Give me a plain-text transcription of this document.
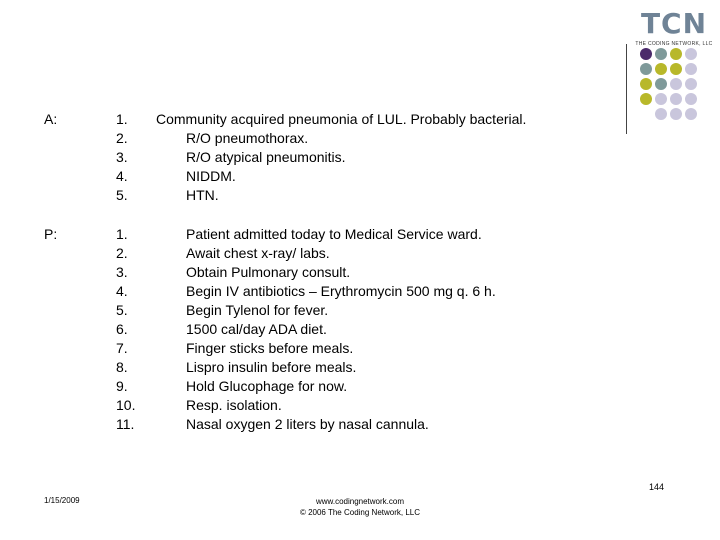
TCN
THE CODING NETWORK, LLC
A:	1. Community acquired pneumonia of LUL. Probably bacterial.
2.	R/O pneumothorax.
3.	R/O atypical pneumonitis.
4.	NIDDM.
5.	HTN.
P:	1.	Patient admitted today to Medical Service ward.
2.	Await chest x-ray/ labs.
3.	Obtain Pulmonary consult.
4.	Begin IV antibiotics – Erythromycin 500 mg q. 6 h.
5.	Begin Tylenol for fever.
6.	1500 cal/day ADA diet.
7.	Finger sticks before meals.
8.	Lispro insulin before meals.
9.	Hold Glucophage for now.
10.	Resp. isolation.
11.	Nasal oxygen 2 liters by nasal cannula.
144
1/15/2009	www.codingnetwork.com
© 2006 The Coding Network, LLC
